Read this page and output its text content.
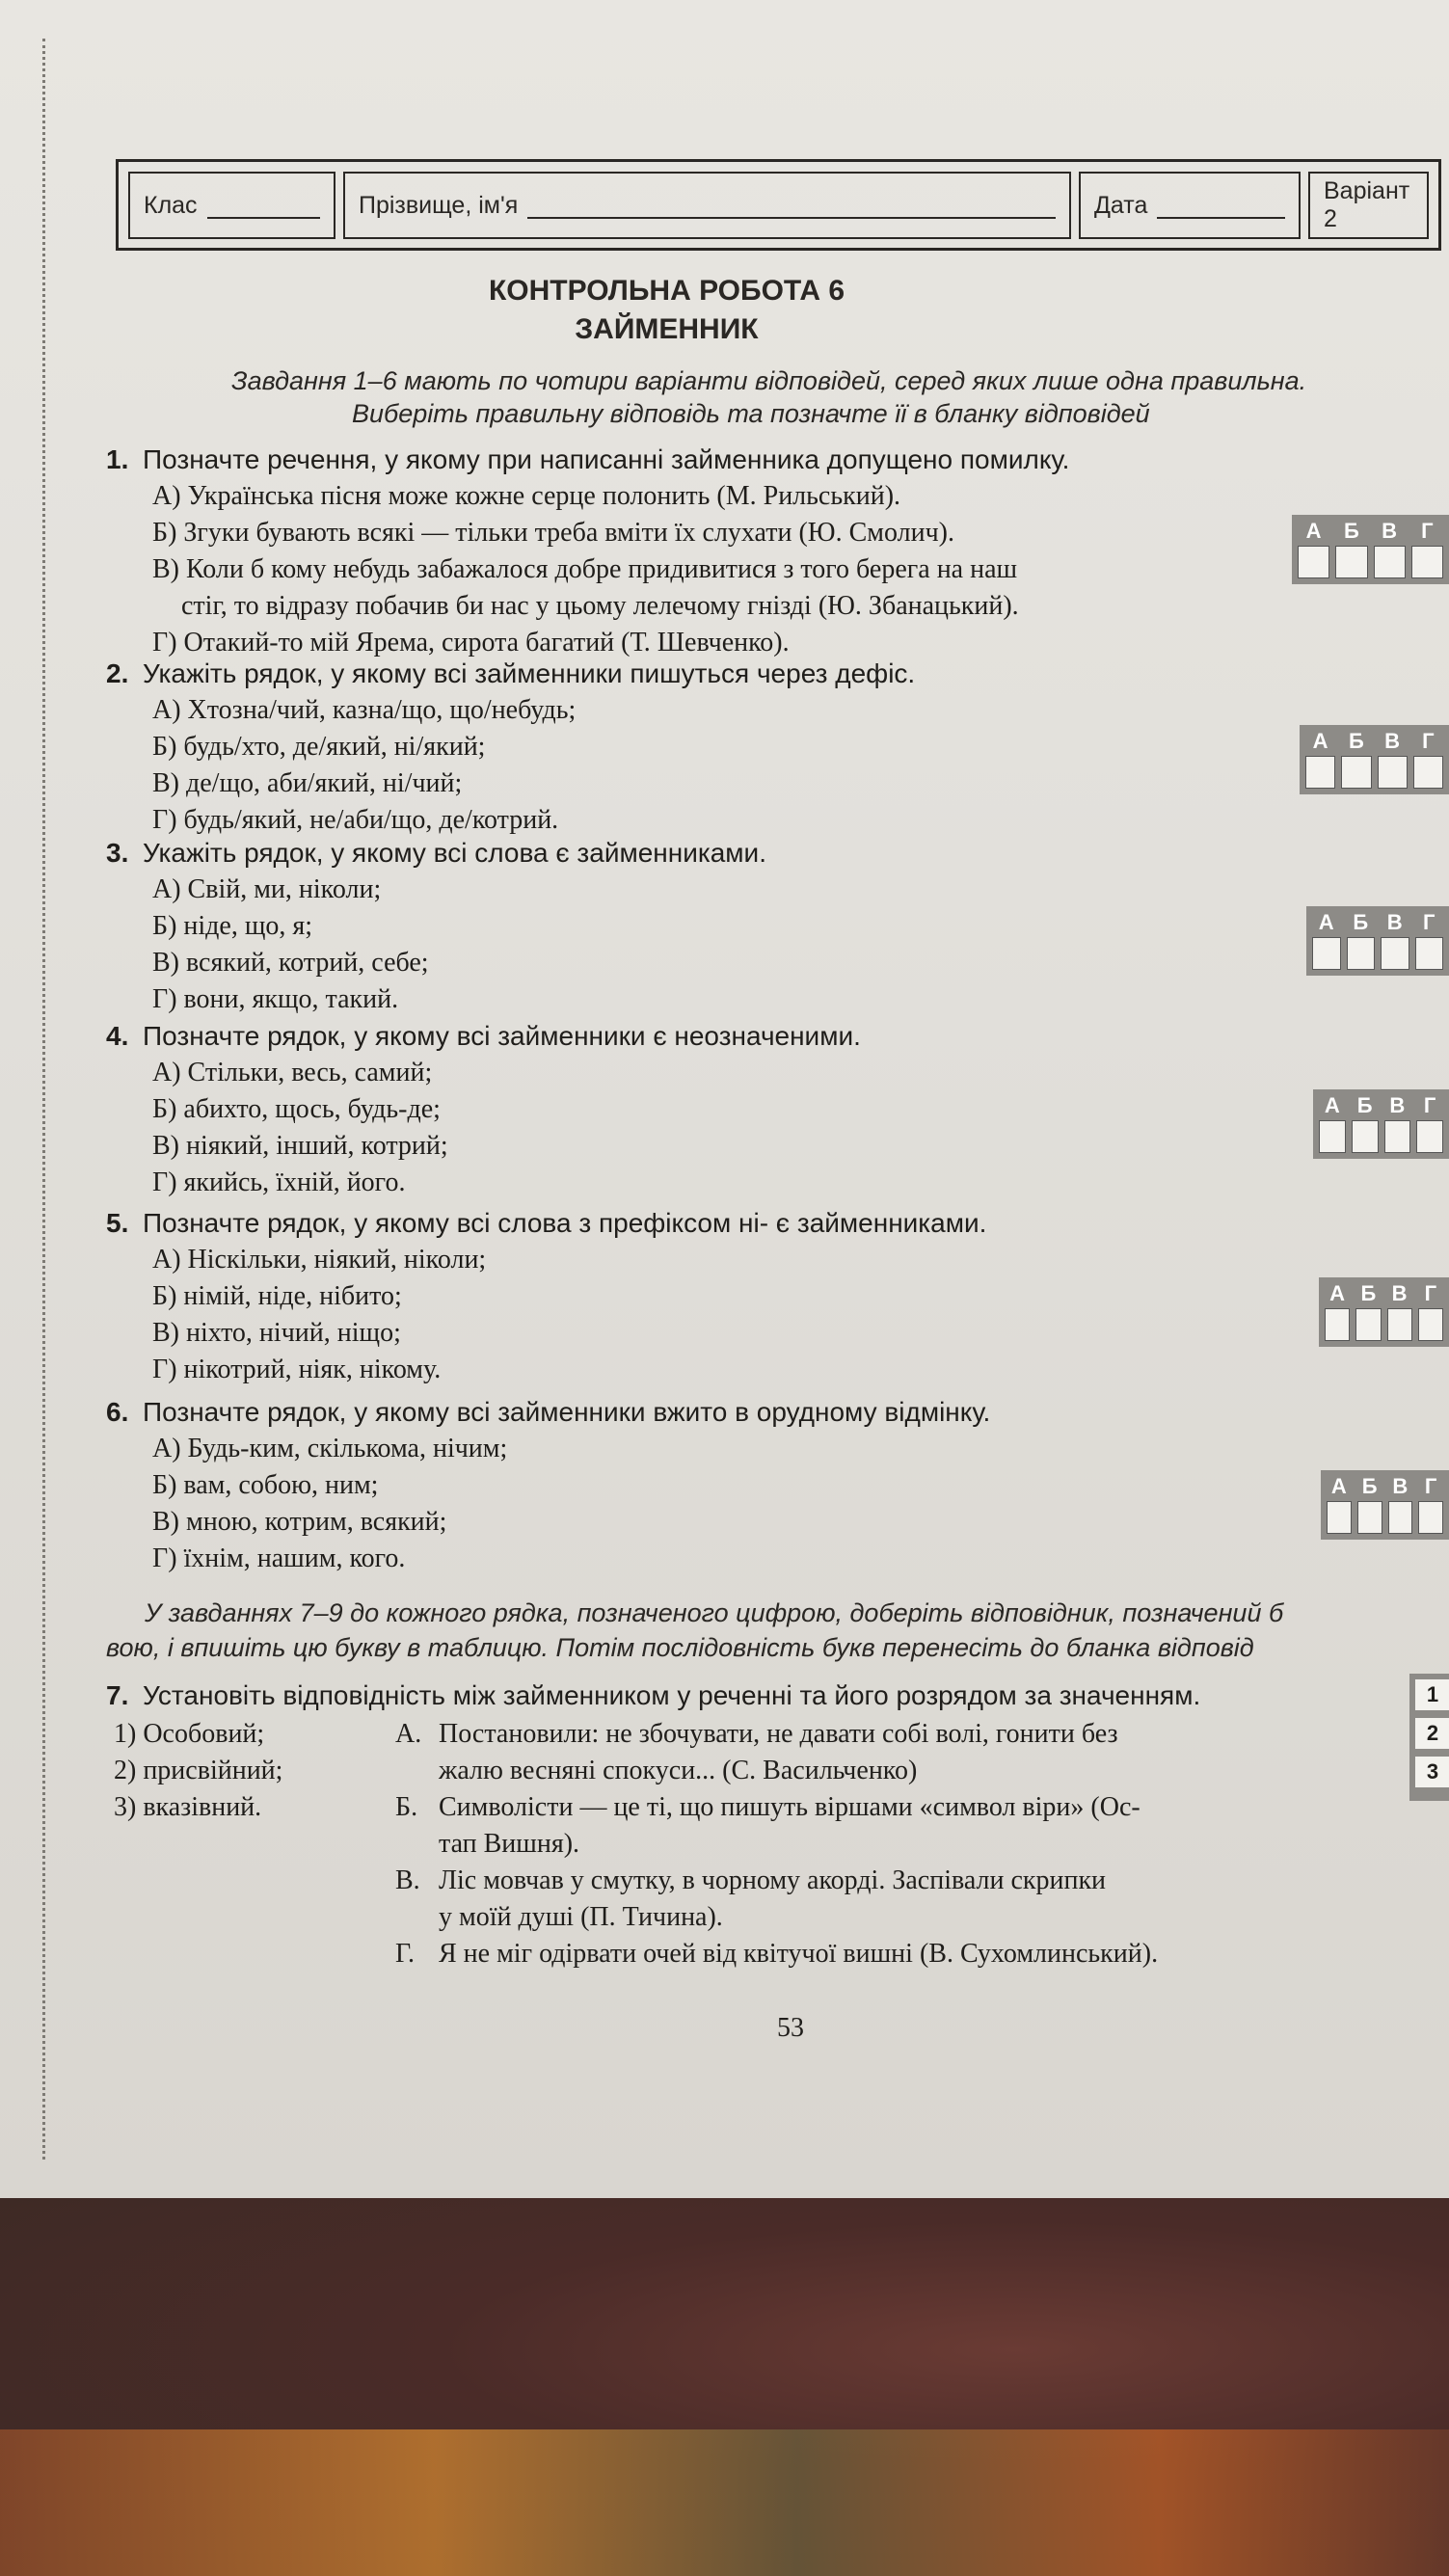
Клас	Прізвище, ім'я	Дата
Варіант 2
КОНТРОЛЬНА РОБОТА 6
ЗАЙМЕННИК
Завдання 1–6 мають по чотири варіанти відповідей, серед яких лише одна правильна.
Виберіть правильну відповідь та позначте її в бланку відповідей
1. Позначте речення, у якому при написанні займенника допущено помилку.
А) Українська пісня може кожне серце полонить (М. Рильський).
Б) Згуки бувають всякі — тільки треба вміти їх слухати (Ю. Смолич).
В) Коли б кому небудь забажалося добре придивитися з того берега на наш
стіг, то відразу побачив би нас у цьому лелечому гнізді (Ю. Збанацький).
Г) Отакий-то мій Ярема, сирота багатий (Т. Шевченко).
А	Б	В	Г
2. Укажіть рядок, у якому всі займенники пишуться через дефіс.
А) Хтозна/чий, казна/що, що/небудь;
Б) будь/хто, де/який, ні/який;
В) де/що, аби/який, ні/чий;
Г) будь/який, не/аби/що, де/котрий.
А Б В	Г
3. Укажіть рядок, у якому всі слова є займенниками.
А) Свій, ми, ніколи;
Б) ніде, що, я;
В) всякий, котрий, себе;
Г) вони, якщо, такий.
А Б В Г
4. Позначте рядок, у якому всі займенники є неозначеними.
А) Стільки, весь, самий;
Б) абихто, щось, будь-де;
В) ніякий, інший, котрий;
Г) якийсь, їхній, його.
А Б В Г
5. Позначте рядок, у якому всі слова з префіксом ні- є займенниками.
А) Ніскільки, ніякий, ніколи;
Б) німій, ніде, нібито;
В) ніхто, нічий, ніщо;
Г) нікотрий, ніяк, нікому.
А Б В Г
6. Позначте рядок, у якому всі займенники вжито в орудному відмінку.
А) Будь-ким, скількома, нічим;
Б) вам, собою, ним;
В) мною, котрим, всякий;
Г) їхнім, нашим, кого.
А Б В Г
У завданнях 7–9 до кожного рядка, позначеного цифрою, доберіть відповідник, позначений б
вою, і впишіть цю букву в таблицю. Потім послідовність букв перенесіть до бланка відповід
7. Установіть відповідність між займенником у реченні та його розрядом за значенням.
1) Особовий;
2) присвійний;
3) вказівний.
А. Постановили: не збочувати, не давати собі волі, гонити без
жалю весняні спокуси... (С. Васильченко)
Б. Символісти — це ті, що пишуть віршами «символ віри» (Ос-
тап Вишня).
В. Ліс мовчав у смутку, в чорному акорді. Заспівали скрипки
у моїй душі (П. Тичина).
Г. Я не міг одірвати очей від квітучої вишні (В. Сухомлинський).
1
2
3
53
